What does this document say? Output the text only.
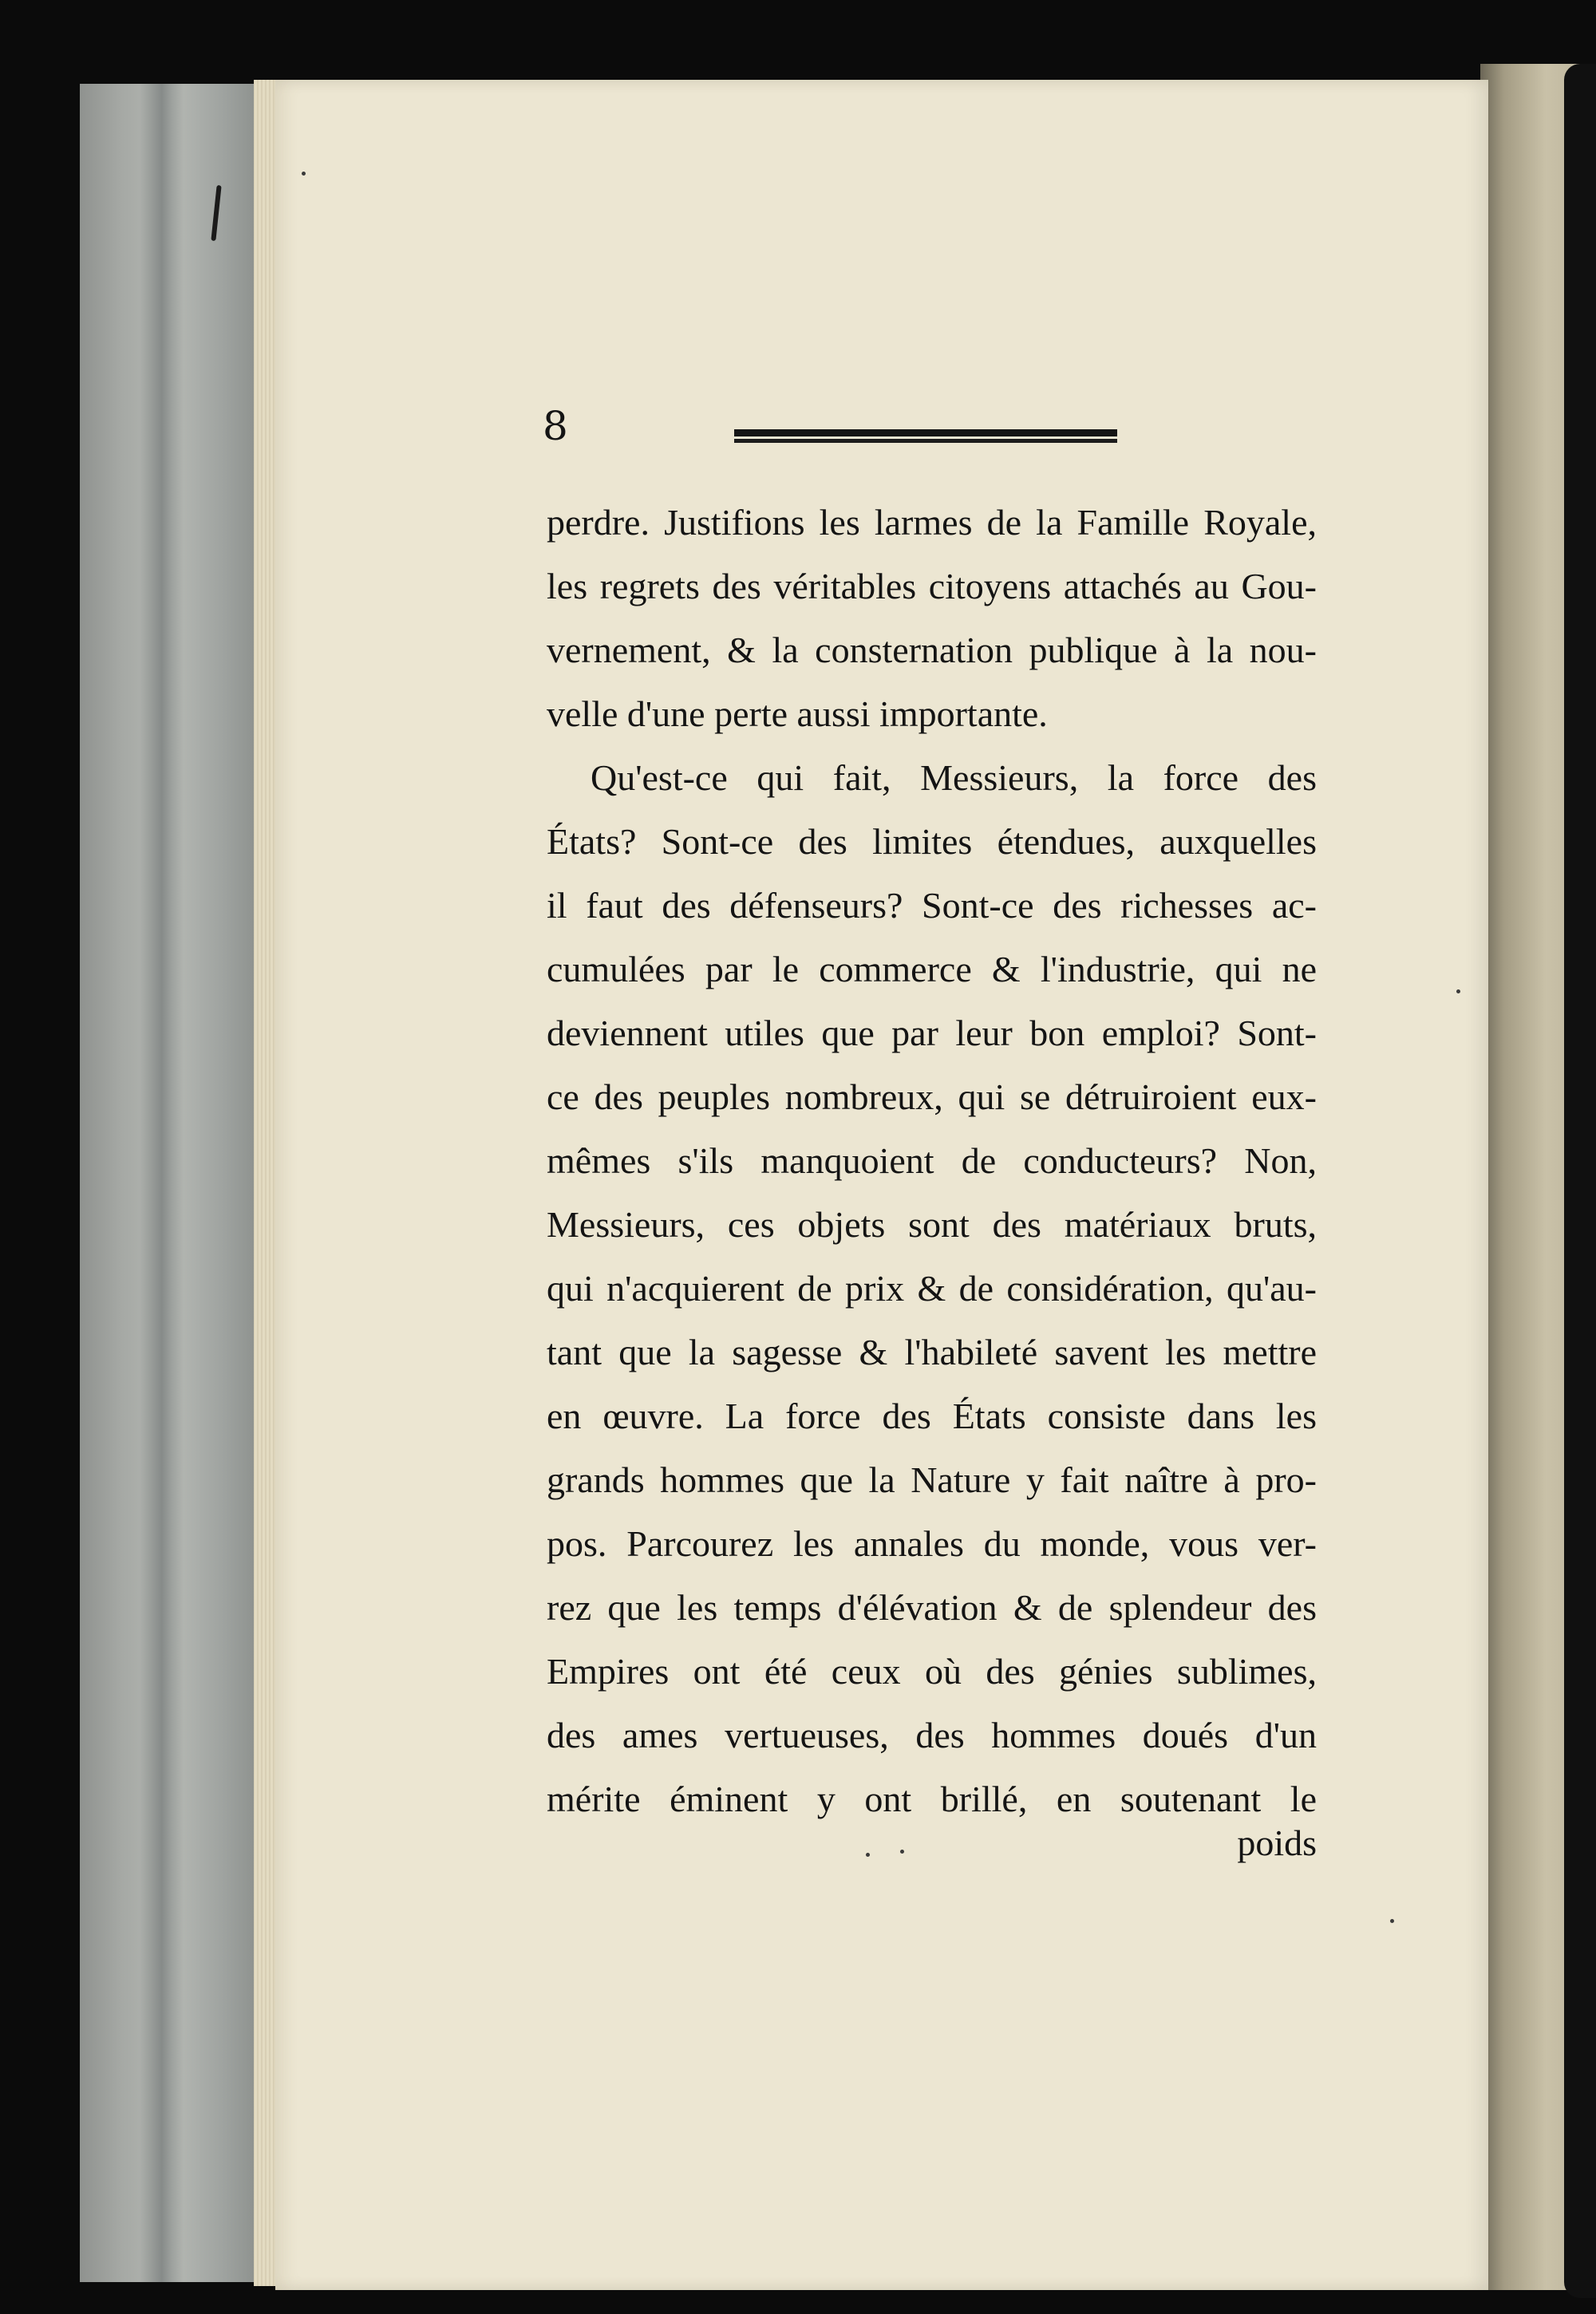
8
perdre. Justifions les larmes de la Famille Royale,
les regrets des véritables citoyens attachés au Gou-
vernement, & la consternation publique à la nou-
velle d'une perte aussi importante.
Qu'est-ce qui fait, Messieurs, la force des
États? Sont-ce des limites étendues, auxquelles
il faut des défenseurs? Sont-ce des richesses ac-
cumulées par le commerce & l'industrie, qui ne
deviennent utiles que par leur bon emploi? Sont-
ce des peuples nombreux, qui se détruiroient eux-
mêmes s'ils manquoient de conducteurs? Non,
Messieurs, ces objets sont des matériaux bruts,
qui n'acquierent de prix & de considération, qu'au-
tant que la sagesse & l'habileté savent les mettre
en œuvre. La force des États consiste dans les
grands hommes que la Nature y fait naître à pro-
pos. Parcourez les annales du monde, vous ver-
rez que les temps d'élévation & de splendeur des
Empires ont été ceux où des génies sublimes,
des ames vertueuses, des hommes doués d'un
mérite éminent y ont brillé, en soutenant le
poids
